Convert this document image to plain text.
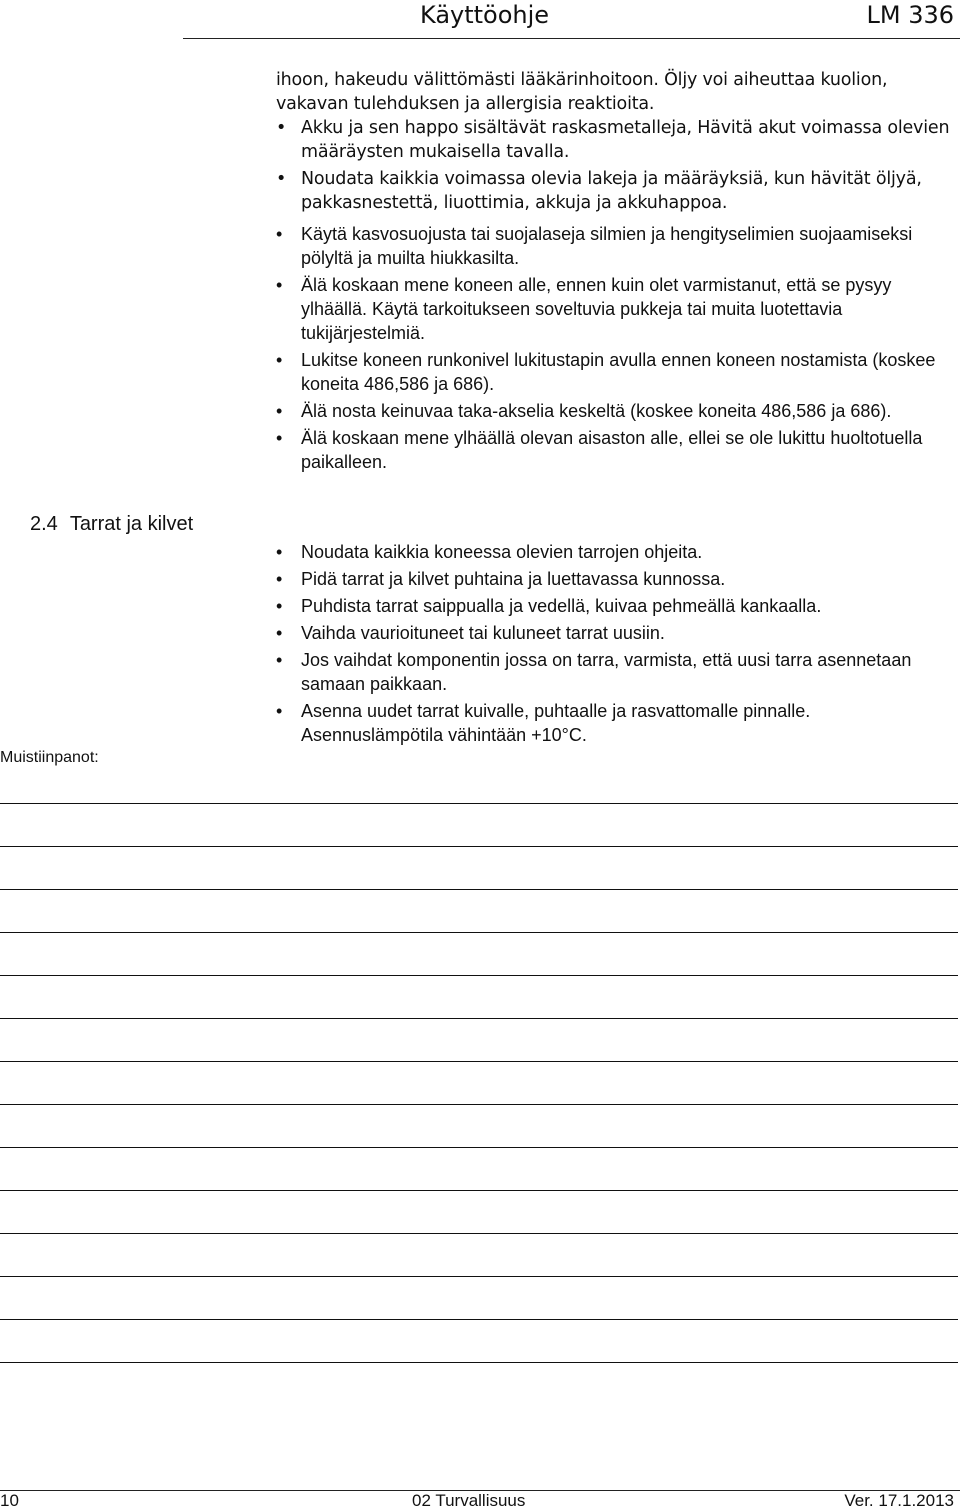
Käyttöohje	LM 336

ihoon, hakeudu välittömästi lääkärinhoitoon. Öljy voi aiheuttaa kuolion, vakavan tulehduksen ja allergisia reaktioita.

• Akku ja sen happo sisältävät raskasmetalleja, Hävitä akut voimassa olevien määräysten mukaisella tavalla.
• Noudata kaikkia voimassa olevia lakeja ja määräyksiä, kun hävität öljyä, pakkasnestettä, liuottimia, akkuja ja akkuhappoa.
• Käytä kasvosuojusta tai suojalaseja silmien ja hengityselimien suojaamiseksi pölyltä ja muilta hiukkasilta.
• Älä koskaan mene koneen alle, ennen kuin olet varmistanut, että se pysyy ylhäällä. Käytä tarkoitukseen soveltuvia pukkeja tai muita luotettavia tukijärjestelmiä.
• Lukitse koneen runkonivel lukitustapin avulla ennen koneen nostamista (koskee koneita 486,586 ja 686).
• Älä nosta keinuvaa taka-akselia keskeltä (koskee koneita 486,586 ja 686).
• Älä koskaan mene ylhäällä olevan aisaston alle, ellei se ole lukittu huoltotuella paikalleen.
2.4 Tarrat ja kilvet
• Noudata kaikkia koneessa olevien tarrojen ohjeita.
• Pidä tarrat ja kilvet puhtaina ja luettavassa kunnossa.
• Puhdista tarrat saippualla ja vedellä, kuivaa pehmeällä kankaalla.
• Vaihda vaurioituneet tai kuluneet tarrat uusiin.
• Jos vaihdat komponentin jossa on tarra, varmista, että uusi tarra asennetaan samaan paikkaan.
• Asenna uudet tarrat kuivalle, puhtaalle ja rasvattomalle pinnalle. Asennuslämpötila vähintään +10°C.
Muistiinpanot:
10	02 Turvallisuus	Ver. 17.1.2013
